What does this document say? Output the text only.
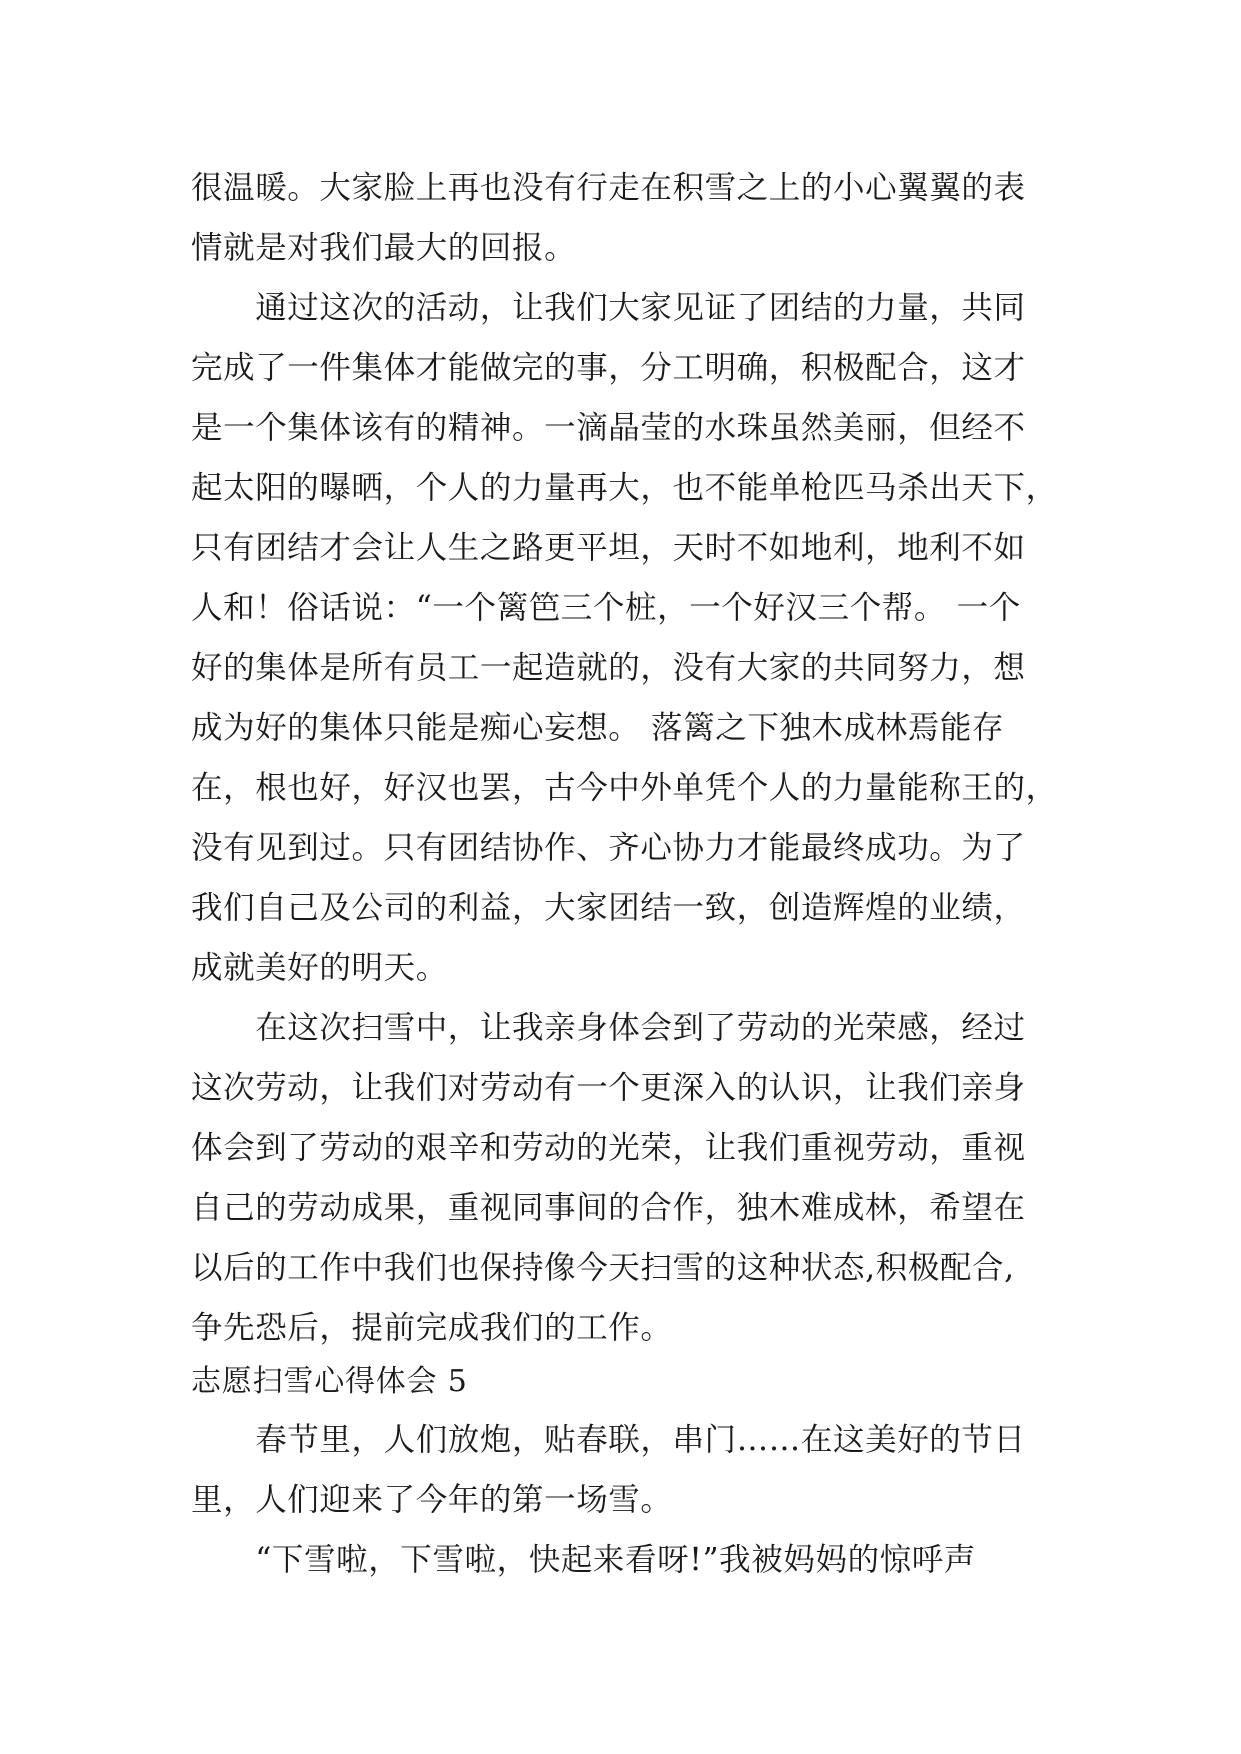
很温暖。大家脸上再也没有行走在积雪之上的小心翼翼的表
情就是对我们最大的回报。
　　通过这次的活动，让我们大家见证了团结的力量，共同
完成了一件集体才能做完的事，分工明确，积极配合，这才
是一个集体该有的精神。一滴晶莹的水珠虽然美丽，但经不
起太阳的曝晒，个人的力量再大，也不能单枪匹马杀出天下，
只有团结才会让人生之路更平坦，天时不如地利，地利不如
人和！俗话说：“一个篱笆三个桩，一个好汉三个帮。 一个
好的集体是所有员工一起造就的，没有大家的共同努力，想
成为好的集体只能是痴心妄想。 落篱之下独木成林焉能存
在，根也好，好汉也罢，古今中外单凭个人的力量能称王的，
没有见到过。只有团结协作、齐心协力才能最终成功。为了
我们自己及公司的利益，大家团结一致，创造辉煌的业绩，
成就美好的明天。
　　在这次扫雪中，让我亲身体会到了劳动的光荣感，经过
这次劳动，让我们对劳动有一个更深入的认识，让我们亲身
体会到了劳动的艰辛和劳动的光荣，让我们重视劳动，重视
自己的劳动成果，重视同事间的合作，独木难成林，希望在
以后的工作中我们也保持像今天扫雪的这种状态,积极配合,
争先恐后，提前完成我们的工作。
志愿扫雪心得体会 5
　　春节里，人们放炮，贴春联，串门……在这美好的节日
里，人们迎来了今年的第一场雪。
　　“下雪啦，下雪啦，快起来看呀!”我被妈妈的惊呼声
